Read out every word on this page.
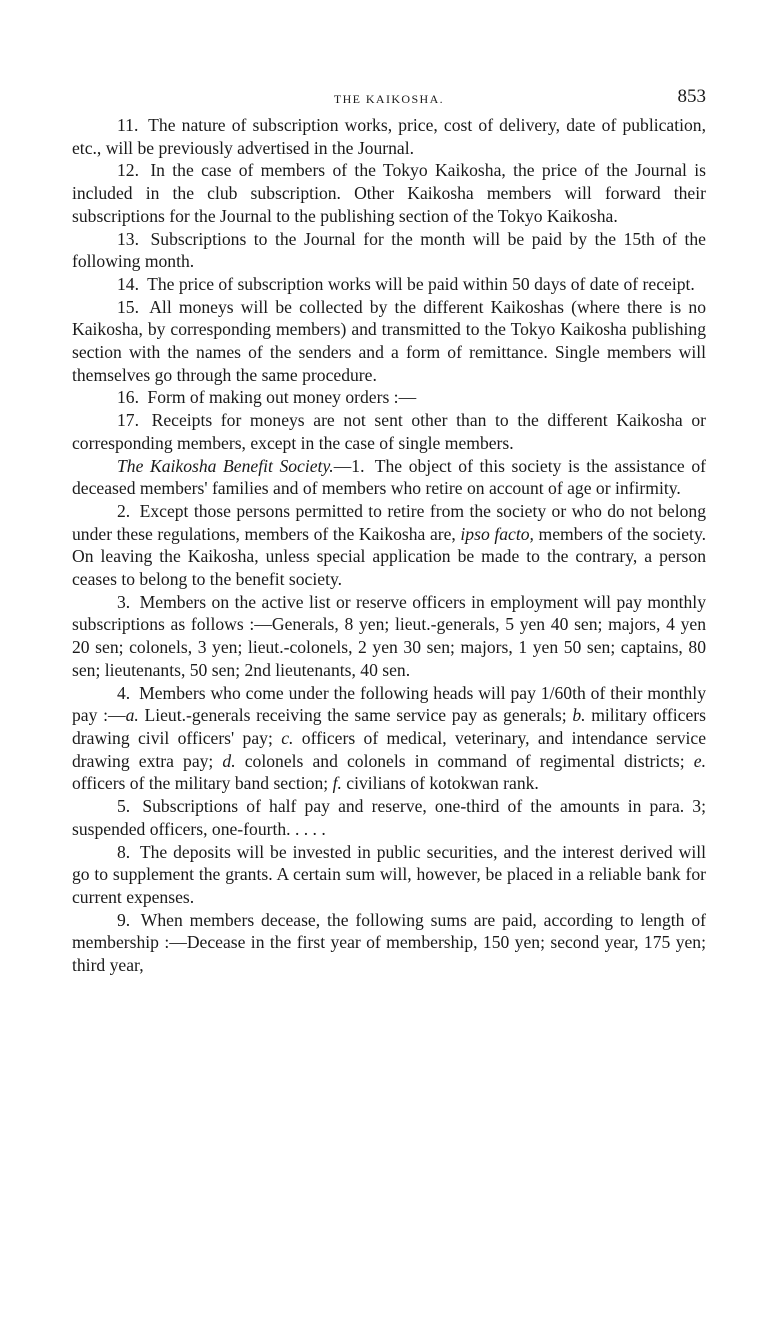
THE KAIKOSHA.	853

11. The nature of subscription works, price, cost of delivery, date of publication, etc., will be previously advertised in the Journal.

12. In the case of members of the Tokyo Kaikosha, the price of the Journal is included in the club subscription. Other Kaikosha members will forward their subscriptions for the Journal to the publishing section of the Tokyo Kaikosha.

13. Subscriptions to the Journal for the month will be paid by the 15th of the following month.

14. The price of subscription works will be paid within 50 days of date of receipt.

15. All moneys will be collected by the different Kaikoshas (where there is no Kaikosha, by corresponding members) and transmitted to the Tokyo Kaikosha publishing section with the names of the senders and a form of remittance. Single members will themselves go through the same procedure.

16. Form of making out money orders :—

17. Receipts for moneys are not sent other than to the different Kaikosha or corresponding members, except in the case of single members.

The Kaikosha Benefit Society.—1. The object of this society is the assistance of deceased members' families and of members who retire on account of age or infirmity.

2. Except those persons permitted to retire from the society or who do not belong under these regulations, members of the Kaikosha are, ipso facto, members of the society. On leaving the Kaikosha, unless special application be made to the contrary, a person ceases to belong to the benefit society.

3. Members on the active list or reserve officers in employment will pay monthly subscriptions as follows :—Generals, 8 yen; lieut.-generals, 5 yen 40 sen; majors, 4 yen 20 sen; colonels, 3 yen; lieut.-colonels, 2 yen 30 sen; majors, 1 yen 50 sen; captains, 80 sen; lieutenants, 50 sen; 2nd lieutenants, 40 sen.

4. Members who come under the following heads will pay 1/60th of their monthly pay :—a. Lieut.-generals receiving the same service pay as generals; b. military officers drawing civil officers' pay; c. officers of medical, veterinary, and intendance service drawing extra pay; d. colonels and colonels in command of regimental districts; e. officers of the military band section; f. civilians of kotokwan rank.

5. Subscriptions of half pay and reserve, one-third of the amounts in para. 3; suspended officers, one-fourth. . . . .

8. The deposits will be invested in public securities, and the interest derived will go to supplement the grants. A certain sum will, however, be placed in a reliable bank for current expenses.

9. When members decease, the following sums are paid, according to length of membership :—Decease in the first year of membership, 150 yen; second year, 175 yen; third year,
